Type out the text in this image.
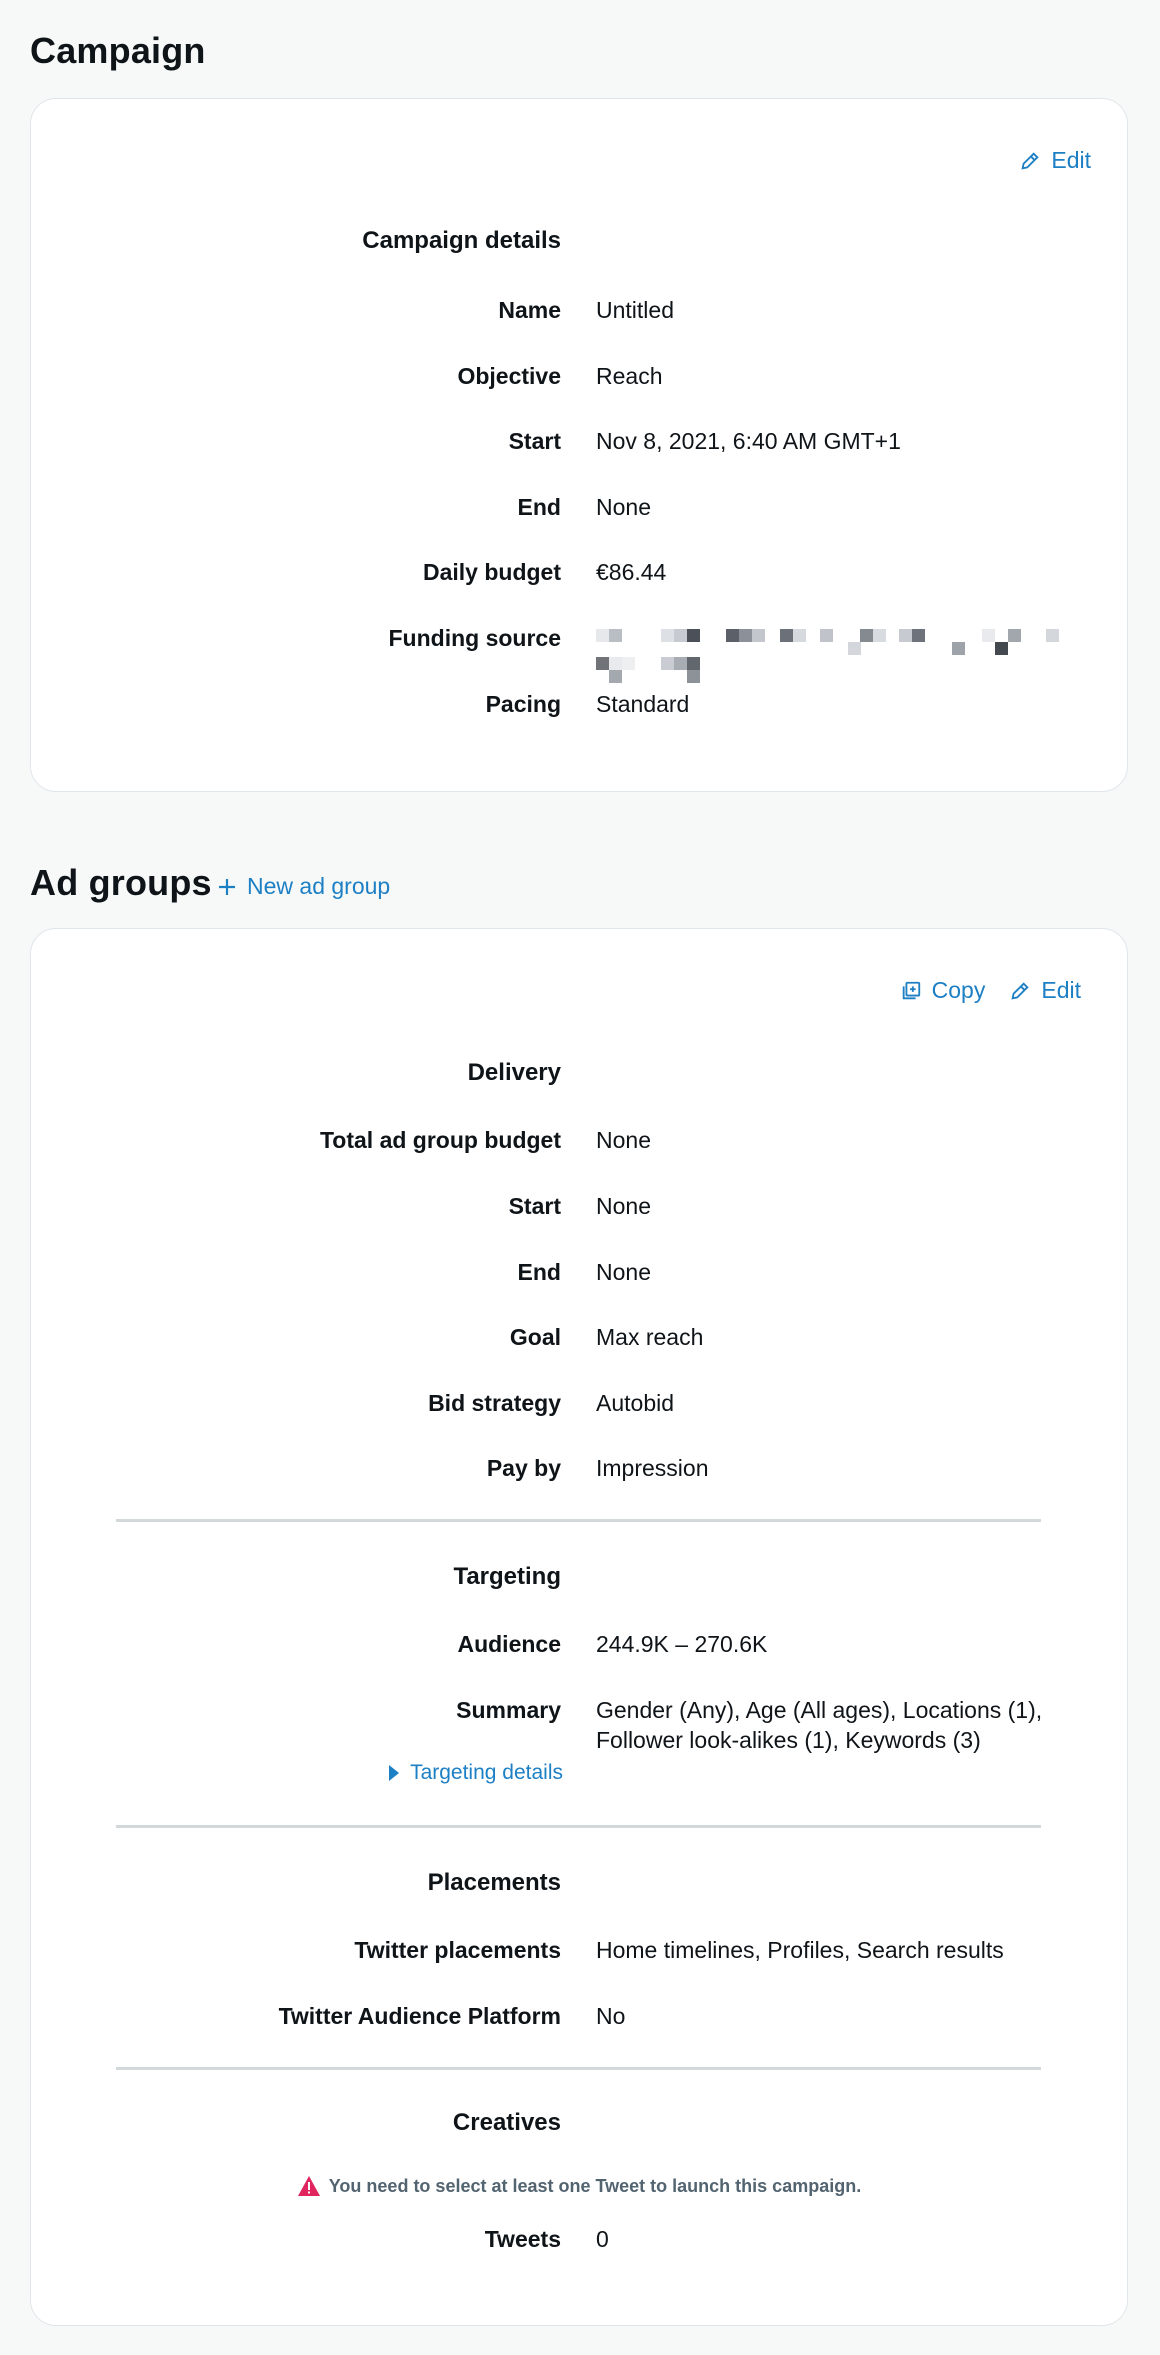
Campaign
Edit
Campaign details
Name Untitled
Objective Reach
Start Nov 8, 2021, 6:40 AM GMT+1
End None
Daily budget €86.44
Funding source
Pacing Standard
Ad groups New ad group
Copy Edit
Delivery
Total ad group budget None
Start None
End None
Goal Max reach
Bid strategy Autobid
Pay by Impression
Targeting
Audience 244.9K – 270.6K
Summary Gender (Any), Age (All ages), Locations (1), Follower look-alikes (1), Keywords (3)
Targeting details
Placements
Twitter placements Home timelines, Profiles, Search results
Twitter Audience Platform No
Creatives
You need to select at least one Tweet to launch this campaign.
Tweets 0
